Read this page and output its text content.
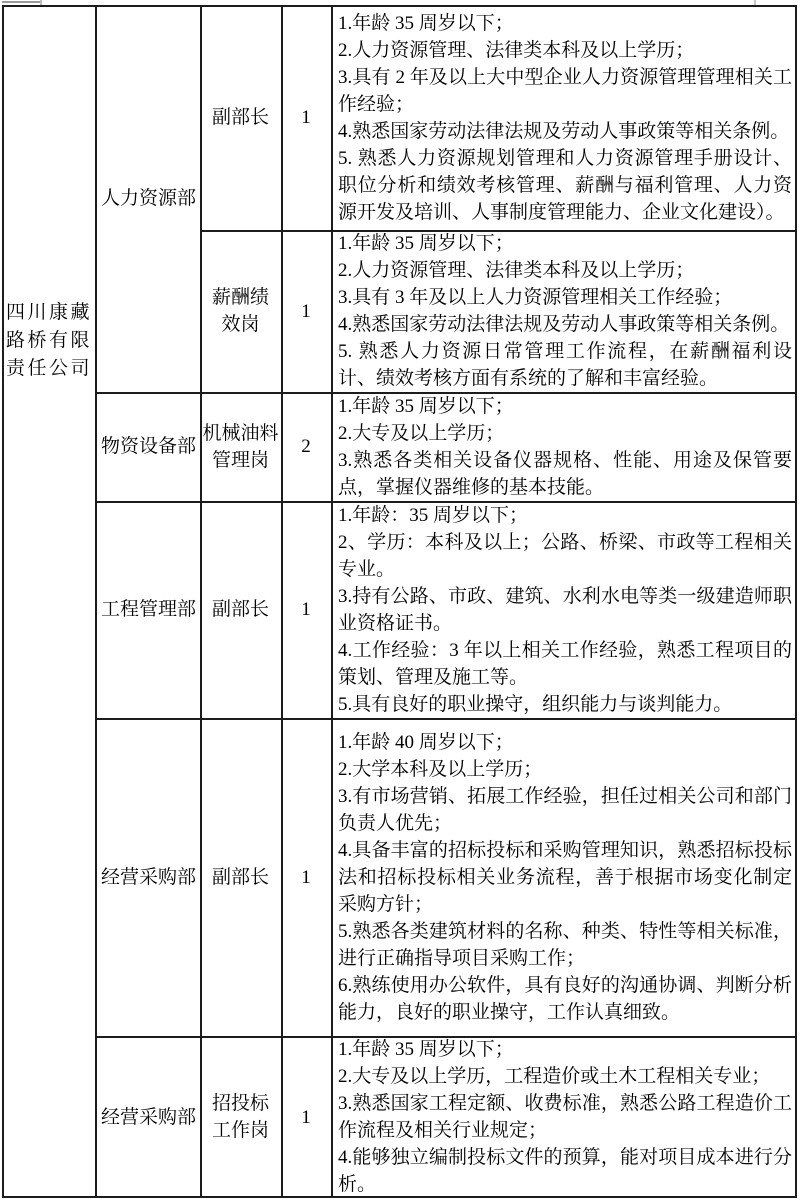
四川康藏
路桥有限
责任公司
人力资源部
物资设备部
工程管理部
经营采购部
经营采购部
副部长
薪酬绩
效岗
机械油料
管理岗
副部长
副部长
招投标
工作岗
1
1
2
1
1
1
1.年龄 35 周岁以下；
2.人力资源管理、法律类本科及以上学历；
3.具有 2 年及以上大中型企业人力资源管理管理相关工作经验；
4.熟悉国家劳动法律法规及劳动人事政策等相关条例。
5. 熟悉人力资源规划管理和人力资源管理手册设计、职位分析和绩效考核管理、薪酬与福利管理、人力资源开发及培训、人事制度管理能力、企业文化建设）。
1.年龄 35 周岁以下；
2.人力资源管理、法律类本科及以上学历；
3.具有 3 年及以上人力资源管理相关工作经验；
4.熟悉国家劳动法律法规及劳动人事政策等相关条例。
5. 熟悉人力资源日常管理工作流程，在薪酬福利设计、绩效考核方面有系统的了解和丰富经验。
1.年龄 35 周岁以下；
2.大专及以上学历；
3.熟悉各类相关设备仪器规格、性能、用途及保管要点，掌握仪器维修的基本技能。
1.年龄：35 周岁以下；
2、学历：本科及以上；公路、桥梁、市政等工程相关专业。
3.持有公路、市政、建筑、水利水电等类一级建造师职业资格证书。
4.工作经验：3 年以上相关工作经验，熟悉工程项目的策划、管理及施工等。
5.具有良好的职业操守，组织能力与谈判能力。
1.年龄 40 周岁以下；
2.大学本科及以上学历；
3.有市场营销、拓展工作经验，担任过相关公司和部门负责人优先；
4.具备丰富的招标投标和采购管理知识，熟悉招标投标法和招标投标相关业务流程，善于根据市场变化制定采购方针；
5.熟悉各类建筑材料的名称、种类、特性等相关标准，进行正确指导项目采购工作；
6.熟练使用办公软件，具有良好的沟通协调、判断分析能力，良好的职业操守，工作认真细致。
1.年龄 35 周岁以下；
2.大专及以上学历，工程造价或土木工程相关专业；
3.熟悉国家工程定额、收费标准，熟悉公路工程造价工作流程及相关行业规定；
4.能够独立编制投标文件的预算，能对项目成本进行分析。
